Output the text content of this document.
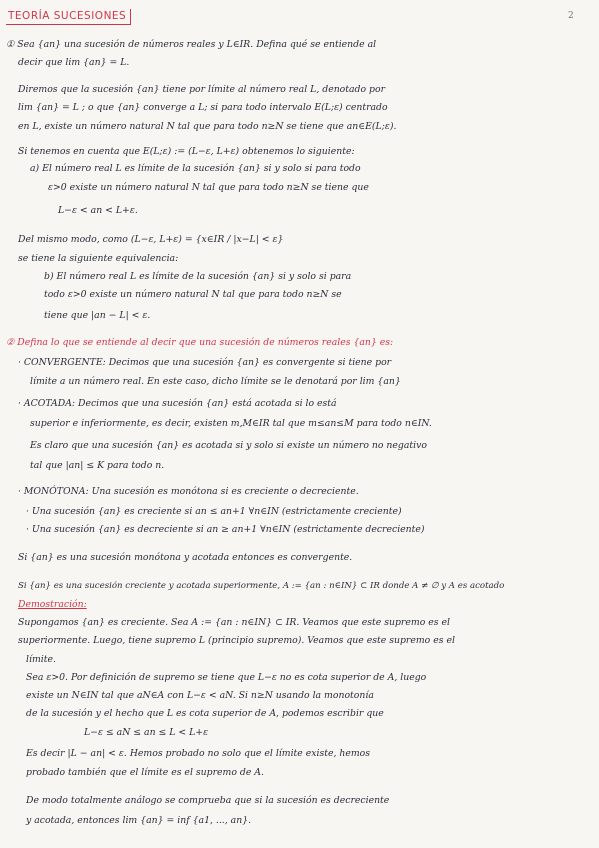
TEORÍA SUCESIONES	2
① Sea {an} una sucesión de números reales y L∈IR. Defina qué se entiende al
decir que lim {an} = L.
Diremos que la sucesión {an} tiene por límite al número real L, denotado por
lim {an} = L ; o que {an} converge a L; si para todo intervalo E(L;ε) centrado
en L, existe un número natural N tal que para todo n≥N se tiene que an∈E(L;ε).
Si tenemos en cuenta que E(L;ε) := (L−ε, L+ε) obtenemos lo siguiente:
a) El número real L es límite de la sucesión {an} si y solo si para todo
ε>0 existe un número natural N tal que para todo n≥N se tiene que
L−ε < an < L+ε.
Del mismo modo, como (L−ε, L+ε) = {x∈IR / |x−L| < ε}
se tiene la siguiente equivalencia:
b) El número real L es límite de la sucesión {an} si y solo si para
todo ε>0 existe un número natural N tal que para todo n≥N se
tiene que |an − L| < ε.
② Defina lo que se entiende al decir que una sucesión de números reales {an} es:
· CONVERGENTE: Decimos que una sucesión {an} es convergente si tiene por
límite a un número real. En este caso, dicho límite se le denotará por lim {an}
· ACOTADA: Decimos que una sucesión {an} está acotada si lo está
superior e inferiormente, es decir, existen m,M∈IR tal que m≤an≤M para todo n∈IN.
Es claro que una sucesión {an} es acotada si y solo si existe un número no negativo
tal que |an| ≤ K para todo n.
· MONÓTONA: Una sucesión es monótona si es creciente o decreciente.
· Una sucesión {an} es creciente si an ≤ an+1 ∀n∈IN (estrictamente creciente)
· Una sucesión {an} es decreciente si an ≥ an+1 ∀n∈IN (estrictamente decreciente)
Si {an} es una sucesión monótona y acotada entonces es convergente.
Si {an} es una sucesión creciente y acotada superiormente, A := {an : n∈IN} ⊂ IR donde A ≠ ∅ y A es acotado
Demostración:
Supongamos {an} es creciente. Sea A := {an : n∈IN} ⊂ IR. Veamos que este supremo es el
superiormente. Luego, tiene supremo L (principio supremo). Veamos que este supremo es el
límite.
Sea ε>0. Por definición de supremo se tiene que L−ε no es cota superior de A, luego
existe un N∈IN tal que aN∈A con L−ε < aN. Si n≥N usando la monotonía
de la sucesión y el hecho que L es cota superior de A, podemos escribir que
L−ε ≤ aN ≤ an ≤ L < L+ε
Es decir |L − an| < ε. Hemos probado no solo que el límite existe, hemos
probado también que el límite es el supremo de A.
De modo totalmente análogo se comprueba que si la sucesión es decreciente
y acotada, entonces lim {an} = inf {a1, ..., an}.
